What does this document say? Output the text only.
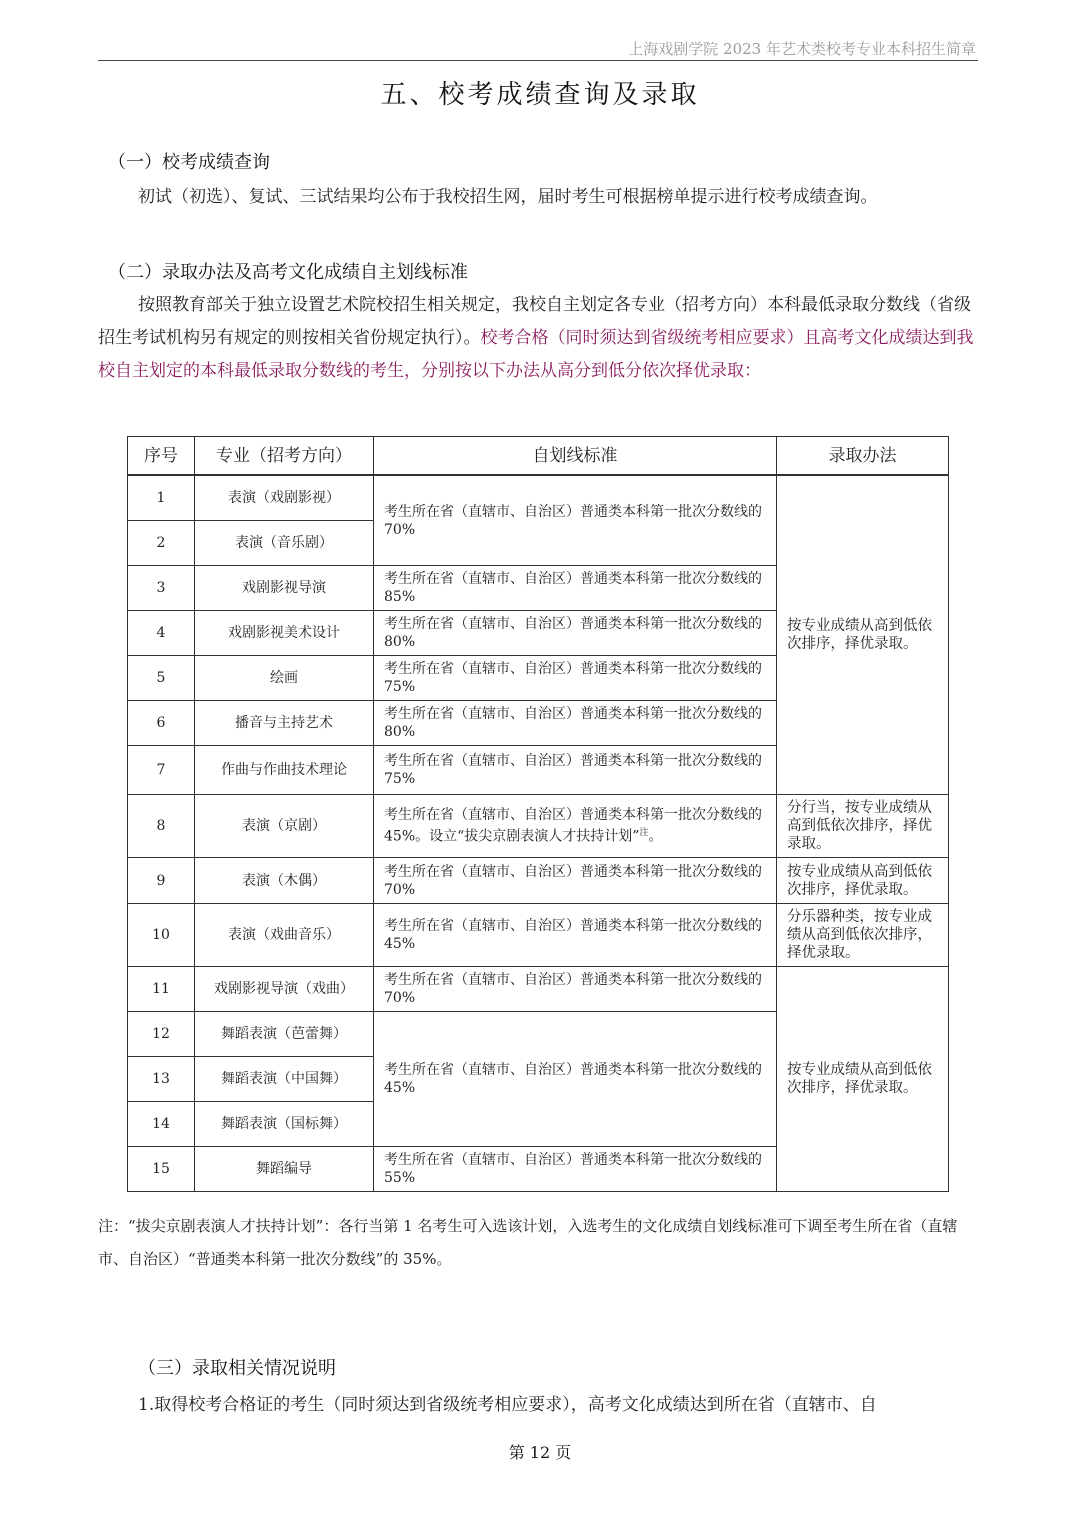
上海戏剧学院 2023 年艺术类校考专业本科招生简章
五、校考成绩查询及录取
（一）校考成绩查询
初试（初选）、复试、三试结果均公布于我校招生网，届时考生可根据榜单提示进行校考成绩查询。
（二）录取办法及高考文化成绩自主划线标准
按照教育部关于独立设置艺术院校招生相关规定，我校自主划定各专业（招考方向）本科最低录取分数线（省级招生考试机构另有规定的则按相关省份规定执行）。校考合格（同时须达到省级统考相应要求）且高考文化成绩达到我校自主划定的本科最低录取分数线的考生，分别按以下办法从高分到低分依次择优录取：
序号	专业（招考方向）	自划线标准	录取办法

1	表演（戏剧影视）	考生所在省（直辖市、自治区）普通类本科第一批次分数线的 70%	按专业成绩从高到低依次排序，择优录取。
2	表演（音乐剧）		
3	戏剧影视导演	考生所在省（直辖市、自治区）普通类本科第一批次分数线的 85%	
4	戏剧影视美术设计	考生所在省（直辖市、自治区）普通类本科第一批次分数线的 80%	
5	绘画	考生所在省（直辖市、自治区）普通类本科第一批次分数线的 75%	
6	播音与主持艺术	考生所在省（直辖市、自治区）普通类本科第一批次分数线的 80%	
7	作曲与作曲技术理论	考生所在省（直辖市、自治区）普通类本科第一批次分数线的 75%	
8	表演（京剧）	考生所在省（直辖市、自治区）普通类本科第一批次分数线的 45%。设立“拔尖京剧表演人才扶持计划”$^注$。	分行当，按专业成绩从高到低依次排序，择优录取。
9	表演（木偶）	考生所在省（直辖市、自治区）普通类本科第一批次分数线的 70%	按专业成绩从高到低依次排序，择优录取。
10	表演（戏曲音乐）	考生所在省（直辖市、自治区）普通类本科第一批次分数线的 45%	分乐器种类，按专业成绩从高到低依次排序，择优录取。
11	戏剧影视导演（戏曲）	考生所在省（直辖市、自治区）普通类本科第一批次分数线的 70%	按专业成绩从高到低依次排序，择优录取。
12	舞蹈表演（芭蕾舞）	考生所在省（直辖市、自治区）普通类本科第一批次分数线的 45%	
13	舞蹈表演（中国舞）		
14	舞蹈表演（国标舞）		
15	舞蹈编导	考生所在省（直辖市、自治区）普通类本科第一批次分数线的 55%	
注：“拔尖京剧表演人才扶持计划”：各行当第 1 名考生可入选该计划，入选考生的文化成绩自划线标准可下调至考生所在省（直辖市、自治区）“普通类本科第一批次分数线”的 35%。
（三）录取相关情况说明
1.取得校考合格证的考生（同时须达到省级统考相应要求），高考文化成绩达到所在省（直辖市、自
第 12 页
